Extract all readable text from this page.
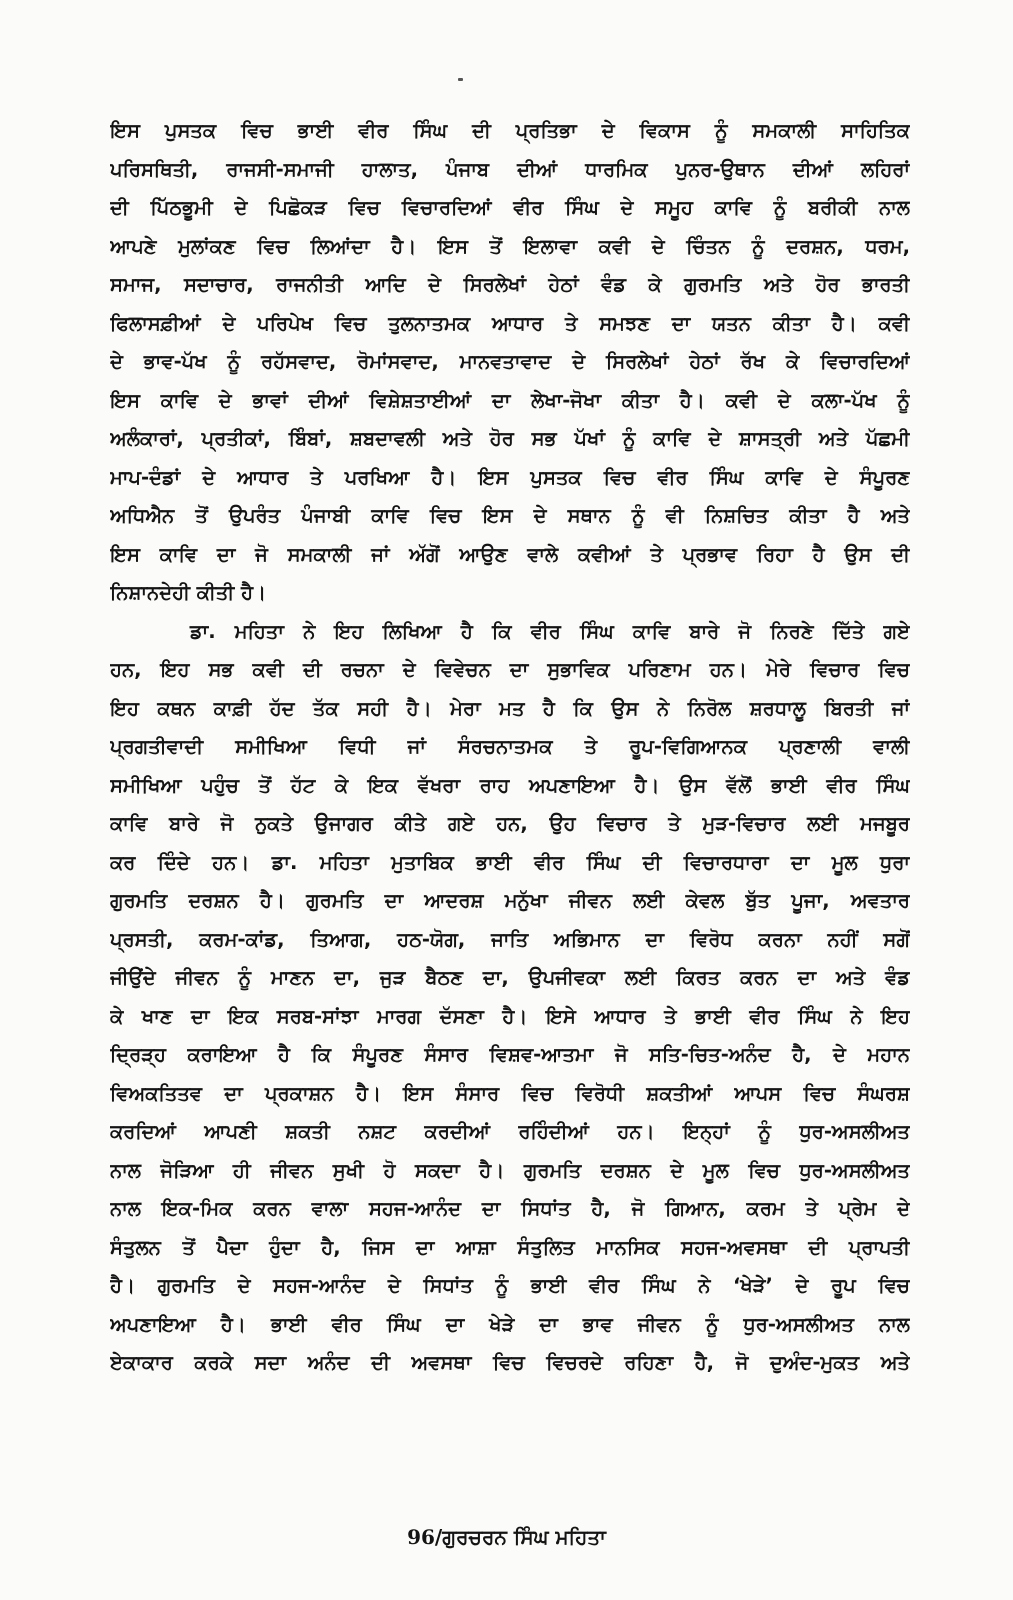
ਇਸ ਪੁਸਤਕ ਵਿਚ ਭਾਈ ਵੀਰ ਸਿੰਘ ਦੀ ਪ੍ਰਤਿਭਾ ਦੇ ਵਿਕਾਸ ਨੂੰ ਸਮਕਾਲੀ ਸਾਹਿਤਿਕ
ਪਰਿਸਥਿਤੀ, ਰਾਜਸੀ-ਸਮਾਜੀ ਹਾਲਾਤ, ਪੰਜਾਬ ਦੀਆਂ ਧਾਰਮਿਕ ਪੁਨਰ-ਉਥਾਨ ਦੀਆਂ ਲਹਿਰਾਂ
ਦੀ ਪਿੱਠਭੂਮੀ ਦੇ ਪਿਛੋਕੜ ਵਿਚ ਵਿਚਾਰਦਿਆਂ ਵੀਰ ਸਿੰਘ ਦੇ ਸਮੂਹ ਕਾਵਿ ਨੂੰ ਬਰੀਕੀ ਨਾਲ
ਆਪਣੇ ਮੁਲਾਂਕਣ ਵਿਚ ਲਿਆਂਦਾ ਹੈ। ਇਸ ਤੋਂ ਇਲਾਵਾ ਕਵੀ ਦੇ ਚਿੰਤਨ ਨੂੰ ਦਰਸ਼ਨ, ਧਰਮ,
ਸਮਾਜ, ਸਦਾਚਾਰ, ਰਾਜਨੀਤੀ ਆਦਿ ਦੇ ਸਿਰਲੇਖਾਂ ਹੇਠਾਂ ਵੰਡ ਕੇ ਗੁਰਮਤਿ ਅਤੇ ਹੋਰ ਭਾਰਤੀ
ਫਿਲਾਸਫ਼ੀਆਂ ਦੇ ਪਰਿਪੇਖ ਵਿਚ ਤੁਲਨਾਤਮਕ ਆਧਾਰ ਤੇ ਸਮਝਣ ਦਾ ਯਤਨ ਕੀਤਾ ਹੈ। ਕਵੀ
ਦੇ ਭਾਵ-ਪੱਖ ਨੂੰ ਰਹੱਸਵਾਦ, ਰੋਮਾਂਸਵਾਦ, ਮਾਨਵਤਾਵਾਦ ਦੇ ਸਿਰਲੇਖਾਂ ਹੇਠਾਂ ਰੱਖ ਕੇ ਵਿਚਾਰਦਿਆਂ
ਇਸ ਕਾਵਿ ਦੇ ਭਾਵਾਂ ਦੀਆਂ ਵਿਸ਼ੇਸ਼ਤਾਈਆਂ ਦਾ ਲੇਖਾ-ਜੋਖਾ ਕੀਤਾ ਹੈ। ਕਵੀ ਦੇ ਕਲਾ-ਪੱਖ ਨੂੰ
ਅਲੰਕਾਰਾਂ, ਪ੍ਰਤੀਕਾਂ, ਬਿੰਬਾਂ, ਸ਼ਬਦਾਵਲੀ ਅਤੇ ਹੋਰ ਸਭ ਪੱਖਾਂ ਨੂੰ ਕਾਵਿ ਦੇ ਸ਼ਾਸਤ੍ਰੀ ਅਤੇ ਪੱਛਮੀ
ਮਾਪ-ਦੰਡਾਂ ਦੇ ਆਧਾਰ ਤੇ ਪਰਖਿਆ ਹੈ। ਇਸ ਪੁਸਤਕ ਵਿਚ ਵੀਰ ਸਿੰਘ ਕਾਵਿ ਦੇ ਸੰਪੂਰਣ
ਅਧਿਐਨ ਤੋਂ ਉਪਰੰਤ ਪੰਜਾਬੀ ਕਾਵਿ ਵਿਚ ਇਸ ਦੇ ਸਥਾਨ ਨੂੰ ਵੀ ਨਿਸ਼ਚਿਤ ਕੀਤਾ ਹੈ ਅਤੇ
ਇਸ ਕਾਵਿ ਦਾ ਜੋ ਸਮਕਾਲੀ ਜਾਂ ਅੱਗੋਂ ਆਉਣ ਵਾਲੇ ਕਵੀਆਂ ਤੇ ਪ੍ਰਭਾਵ ਰਿਹਾ ਹੈ ਉਸ ਦੀ
ਨਿਸ਼ਾਨਦੇਹੀ ਕੀਤੀ ਹੈ।
ਡਾ. ਮਹਿਤਾ ਨੇ ਇਹ ਲਿਖਿਆ ਹੈ ਕਿ ਵੀਰ ਸਿੰਘ ਕਾਵਿ ਬਾਰੇ ਜੋ ਨਿਰਣੇ ਦਿੱਤੇ ਗਏ
ਹਨ, ਇਹ ਸਭ ਕਵੀ ਦੀ ਰਚਨਾ ਦੇ ਵਿਵੇਚਨ ਦਾ ਸੁਭਾਵਿਕ ਪਰਿਣਾਮ ਹਨ। ਮੇਰੇ ਵਿਚਾਰ ਵਿਚ
ਇਹ ਕਥਨ ਕਾਫ਼ੀ ਹੱਦ ਤੱਕ ਸਹੀ ਹੈ। ਮੇਰਾ ਮਤ ਹੈ ਕਿ ਉਸ ਨੇ ਨਿਰੋਲ ਸ਼ਰਧਾਲੂ ਬਿਰਤੀ ਜਾਂ
ਪ੍ਰਗਤੀਵਾਦੀ ਸਮੀਖਿਆ ਵਿਧੀ ਜਾਂ ਸੰਰਚਨਾਤਮਕ ਤੇ ਰੂਪ-ਵਿਗਿਆਨਕ ਪ੍ਰਣਾਲੀ ਵਾਲੀ
ਸਮੀਖਿਆ ਪਹੁੰਚ ਤੋਂ ਹੱਟ ਕੇ ਇਕ ਵੱਖਰਾ ਰਾਹ ਅਪਣਾਇਆ ਹੈ। ਉਸ ਵੱਲੋਂ ਭਾਈ ਵੀਰ ਸਿੰਘ
ਕਾਵਿ ਬਾਰੇ ਜੋ ਨੁਕਤੇ ਉਜਾਗਰ ਕੀਤੇ ਗਏ ਹਨ, ਉਹ ਵਿਚਾਰ ਤੇ ਮੁੜ-ਵਿਚਾਰ ਲਈ ਮਜਬੂਰ
ਕਰ ਦਿੰਦੇ ਹਨ। ਡਾ. ਮਹਿਤਾ ਮੁਤਾਬਿਕ ਭਾਈ ਵੀਰ ਸਿੰਘ ਦੀ ਵਿਚਾਰਧਾਰਾ ਦਾ ਮੂਲ ਧੁਰਾ
ਗੁਰਮਤਿ ਦਰਸ਼ਨ ਹੈ। ਗੁਰਮਤਿ ਦਾ ਆਦਰਸ਼ ਮਨੁੱਖਾ ਜੀਵਨ ਲਈ ਕੇਵਲ ਬੁੱਤ ਪੂਜਾ, ਅਵਤਾਰ
ਪ੍ਰਸਤੀ, ਕਰਮ-ਕਾਂਡ, ਤਿਆਗ, ਹਠ-ਯੋਗ, ਜਾਤਿ ਅਭਿਮਾਨ ਦਾ ਵਿਰੋਧ ਕਰਨਾ ਨਹੀਂ ਸਗੋਂ
ਜੀਉਂਦੇ ਜੀਵਨ ਨੂੰ ਮਾਣਨ ਦਾ, ਜੁੜ ਬੈਠਣ ਦਾ, ਉਪਜੀਵਕਾ ਲਈ ਕਿਰਤ ਕਰਨ ਦਾ ਅਤੇ ਵੰਡ
ਕੇ ਖਾਣ ਦਾ ਇਕ ਸਰਬ-ਸਾਂਝਾ ਮਾਰਗ ਦੱਸਣਾ ਹੈ। ਇਸੇ ਆਧਾਰ ਤੇ ਭਾਈ ਵੀਰ ਸਿੰਘ ਨੇ ਇਹ
ਦ੍ਰਿੜ੍ਹ ਕਰਾਇਆ ਹੈ ਕਿ ਸੰਪੂਰਣ ਸੰਸਾਰ ਵਿਸ਼ਵ-ਆਤਮਾ ਜੋ ਸਤਿ-ਚਿਤ-ਅਨੰਦ ਹੈ, ਦੇ ਮਹਾਨ
ਵਿਅਕਤਿਤਵ ਦਾ ਪ੍ਰਕਾਸ਼ਨ ਹੈ। ਇਸ ਸੰਸਾਰ ਵਿਚ ਵਿਰੋਧੀ ਸ਼ਕਤੀਆਂ ਆਪਸ ਵਿਚ ਸੰਘਰਸ਼
ਕਰਦਿਆਂ ਆਪਣੀ ਸ਼ਕਤੀ ਨਸ਼ਟ ਕਰਦੀਆਂ ਰਹਿੰਦੀਆਂ ਹਨ। ਇਨ੍ਹਾਂ ਨੂੰ ਧੁਰ-ਅਸਲੀਅਤ
ਨਾਲ ਜੋੜਿਆ ਹੀ ਜੀਵਨ ਸੁਖੀ ਹੋ ਸਕਦਾ ਹੈ। ਗੁਰਮਤਿ ਦਰਸ਼ਨ ਦੇ ਮੂਲ ਵਿਚ ਧੁਰ-ਅਸਲੀਅਤ
ਨਾਲ ਇਕ-ਮਿਕ ਕਰਨ ਵਾਲਾ ਸਹਜ-ਆਨੰਦ ਦਾ ਸਿਧਾਂਤ ਹੈ, ਜੋ ਗਿਆਨ, ਕਰਮ ਤੇ ਪ੍ਰੇਮ ਦੇ
ਸੰਤੁਲਨ ਤੋਂ ਪੈਦਾ ਹੁੰਦਾ ਹੈ, ਜਿਸ ਦਾ ਆਸ਼ਾ ਸੰਤੁਲਿਤ ਮਾਨਸਿਕ ਸਹਜ-ਅਵਸਥਾ ਦੀ ਪ੍ਰਾਪਤੀ
ਹੈ। ਗੁਰਮਤਿ ਦੇ ਸਹਜ-ਆਨੰਦ ਦੇ ਸਿਧਾਂਤ ਨੂੰ ਭਾਈ ਵੀਰ ਸਿੰਘ ਨੇ ‘ਖੇੜੇ’ ਦੇ ਰੂਪ ਵਿਚ
ਅਪਣਾਇਆ ਹੈ। ਭਾਈ ਵੀਰ ਸਿੰਘ ਦਾ ਖੇੜੇ ਦਾ ਭਾਵ ਜੀਵਨ ਨੂੰ ਧੁਰ-ਅਸਲੀਅਤ ਨਾਲ
ਏਕਾਕਾਰ ਕਰਕੇ ਸਦਾ ਅਨੰਦ ਦੀ ਅਵਸਥਾ ਵਿਚ ਵਿਚਰਦੇ ਰਹਿਣਾ ਹੈ, ਜੋ ਦੁਅੰਦ-ਮੁਕਤ ਅਤੇ
96/ਗੁਰਚਰਨ ਸਿੰਘ ਮਹਿਤਾ
